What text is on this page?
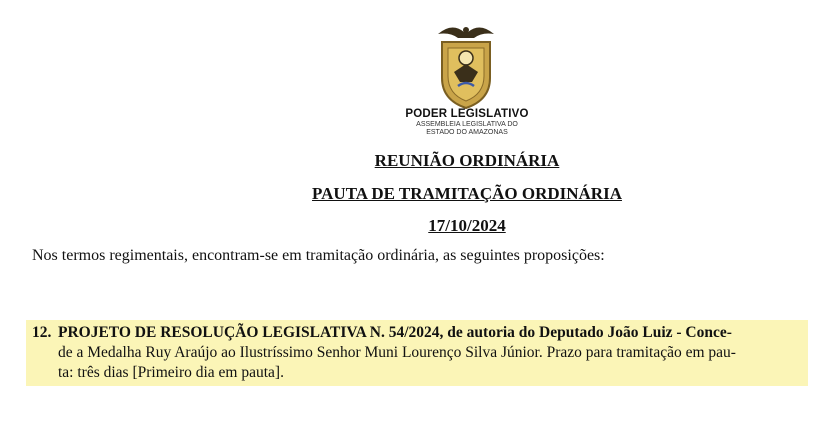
PODER LEGISLATIVO
ASSEMBLEIA LEGISLATIVA DO
ESTADO DO AMAZONAS
REUNIÃO ORDINÁRIA
PAUTA DE TRAMITAÇÃO ORDINÁRIA
17/10/2024
Nos termos regimentais, encontram-se em tramitação ordinária, as seguintes proposições:
12. PROJETO DE RESOLUÇÃO LEGISLATIVA N. 54/2024, de autoria do Deputado João Luiz - Conce-
de a Medalha Ruy Araújo ao Ilustríssimo Senhor Muni Lourenço Silva Júnior. Prazo para tramitação em pau-
ta: três dias [Primeiro dia em pauta].
